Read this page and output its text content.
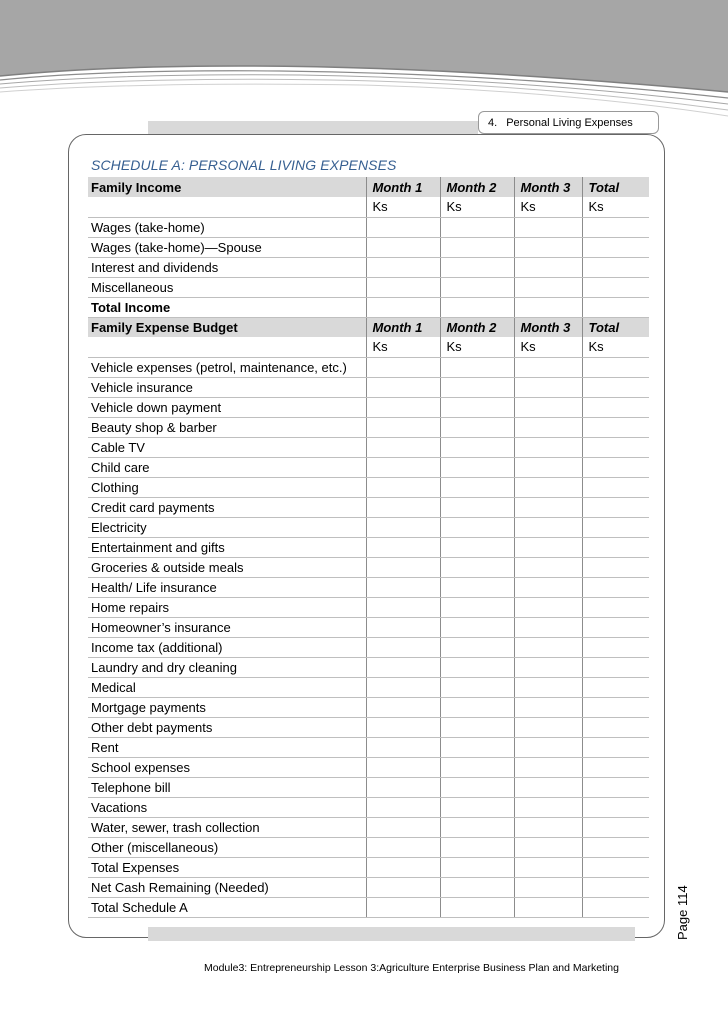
4. Personal Living Expenses
SCHEDULE A: PERSONAL LIVING EXPENSES
Family Income	Month 1	Month 2	Month 3	Total
	Ks	Ks	Ks	Ks
Wages (take-home)				
Wages (take-home)—Spouse				
Interest and dividends				
Miscellaneous				
Total Income				
Family Expense Budget	Month 1	Month 2	Month 3	Total
	Ks	Ks	Ks	Ks
Vehicle expenses (petrol, maintenance, etc.)				
Vehicle insurance				
Vehicle down payment				
Beauty shop & barber				
Cable TV				
Child care				
Clothing				
Credit card payments				
Electricity				
Entertainment and gifts				
Groceries & outside meals				
Health/ Life insurance				
Home repairs				
Homeowner’s insurance				
Income tax (additional)				
Laundry and dry cleaning				
Medical				
Mortgage payments				
Other debt payments				
Rent				
School expenses				
Telephone bill				
Vacations				
Water, sewer, trash collection				
Other (miscellaneous)				
Total Expenses				
Net Cash Remaining (Needed)				
Total Schedule A					Page 114
Module3: Entrepreneurship Lesson 3:Agriculture Enterprise Business Plan and Marketing
